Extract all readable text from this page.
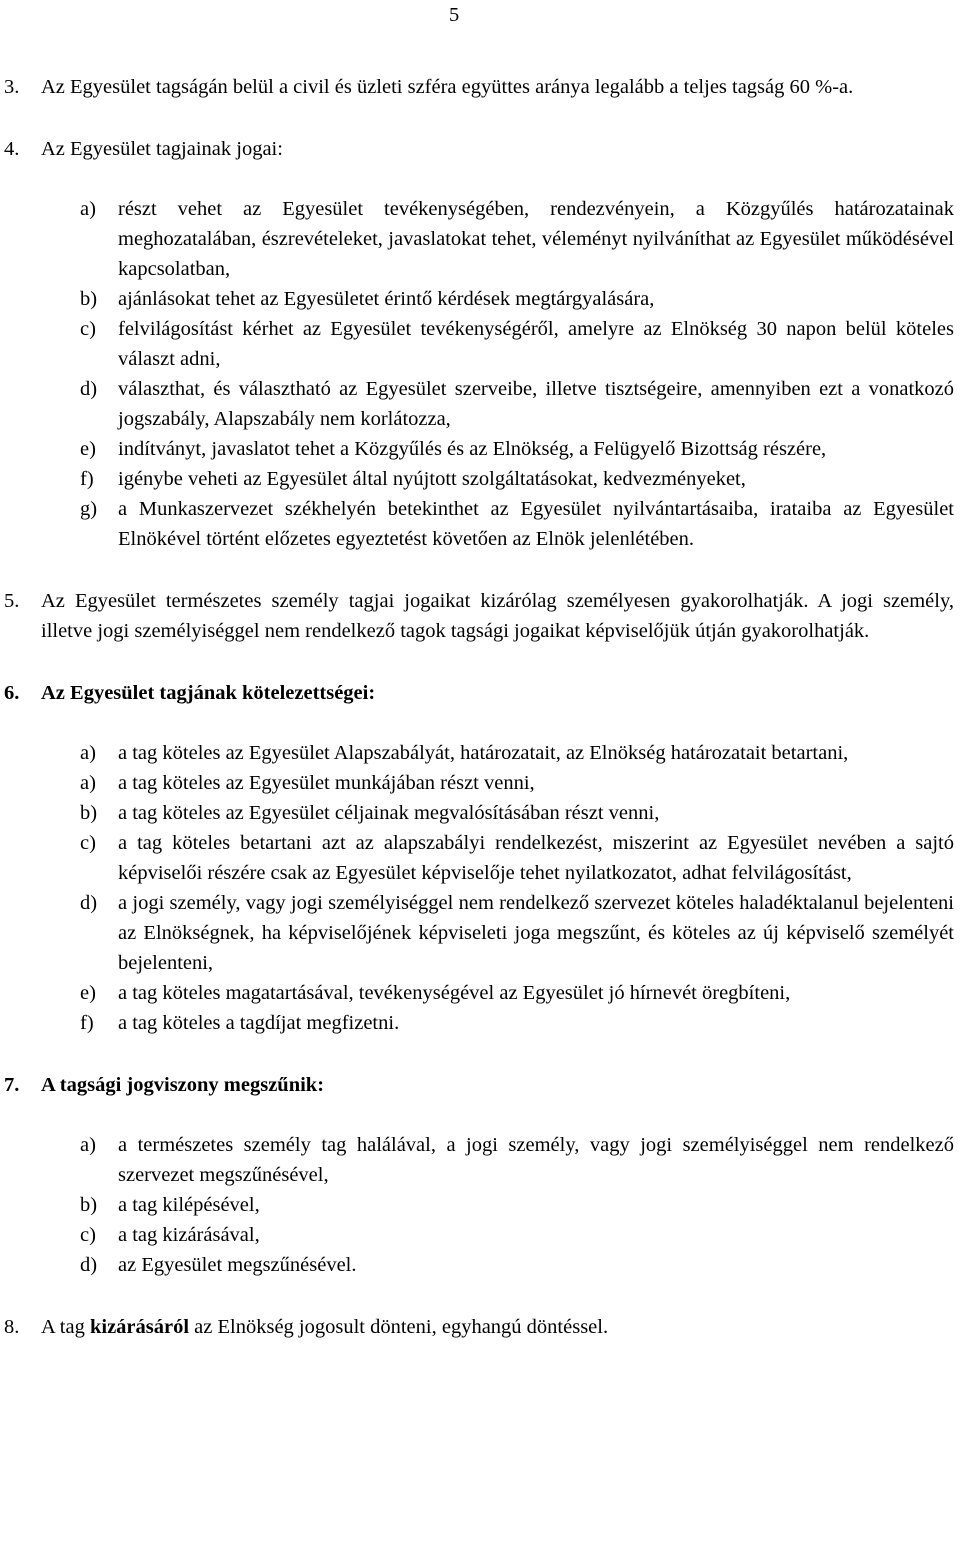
5
3. Az Egyesület tagságán belül a civil és üzleti szféra együttes aránya legalább a teljes tagság 60 %-a.
4. Az Egyesület tagjainak jogai:
a) részt vehet az Egyesület tevékenységében, rendezvényein, a Közgyűlés határozatainak meghozatalában, észrevételeket, javaslatokat tehet, véleményt nyilváníthat az Egyesület működésével kapcsolatban,
b) ajánlásokat tehet az Egyesületet érintő kérdések megtárgyalására,
c) felvilágosítást kérhet az Egyesület tevékenységéről, amelyre az Elnökség 30 napon belül köteles választ adni,
d) választhat, és választható az Egyesület szerveibe, illetve tisztségeire, amennyiben ezt a vonatkozó jogszabály, Alapszabály nem korlátozza,
e) indítványt, javaslatot tehet a Közgyűlés és az Elnökség, a Felügyelő Bizottság részére,
f) igénybe veheti az Egyesület által nyújtott szolgáltatásokat, kedvezményeket,
g) a Munkaszervezet székhelyén betekinthet az Egyesület nyilvántartásaiba, irataiba az Egyesület Elnökével történt előzetes egyeztetést követően az Elnök jelenlétében.
5. Az Egyesület természetes személy tagjai jogaikat kizárólag személyesen gyakorolhatják. A jogi személy, illetve jogi személyiséggel nem rendelkező tagok tagsági jogaikat képviselőjük útján gyakorolhatják.
6. Az Egyesület tagjának kötelezettségei:
a) a tag köteles az Egyesület Alapszabályát, határozatait, az Elnökség határozatait betartani,
a) a tag köteles az Egyesület munkájában részt venni,
b) a tag köteles az Egyesület céljainak megvalósításában részt venni,
c) a tag köteles betartani azt az alapszabályi rendelkezést, miszerint az Egyesület nevében a sajtó képviselői részére csak az Egyesület képviselője tehet nyilatkozatot, adhat felvilágosítást,
d) a jogi személy, vagy jogi személyiséggel nem rendelkező szervezet köteles haladéktalanul bejelenteni az Elnökségnek, ha képviselőjének képviseleti joga megszűnt, és köteles az új képviselő személyét bejelenteni,
e) a tag köteles magatartásával, tevékenységével az Egyesület jó hírnevét öregbíteni,
f) a tag köteles a tagdíjat megfizetni.
7. A tagsági jogviszony megszűnik:
a) a természetes személy tag halálával, a jogi személy, vagy jogi személyiséggel nem rendelkező szervezet megszűnésével,
b) a tag kilépésével,
c) a tag kizárásával,
d) az Egyesület megszűnésével.
8. A tag kizárásáról az Elnökség jogosult dönteni, egyhangú döntéssel.
